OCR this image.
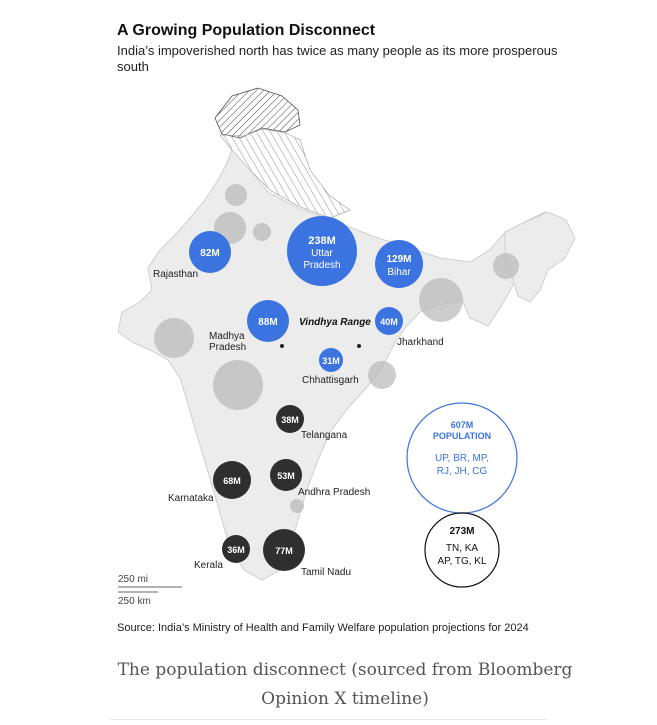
A Growing Population Disconnect
India’s impoverished north has twice as many people as its more prosperous south
238M
Uttar
Pradesh
129M
Bihar
82M
Rajasthan
88M
Madhya
Pradesh
40M
Jharkhand
31M
Chhattisgarh
Vindhya Range
38M
Telangana
53M
Andhra Pradesh
68M
Karnataka
36M
Kerala
77M
Tamil Nadu
607M
POPULATION
UP, BR, MP,
RJ, JH, CG
273M
TN, KA
AP, TG, KL
250 mi
250 km
Source: India’s Ministry of Health and Family Welfare population projections for 2024
The population disconnect (sourced from Bloomberg Opinion X timeline)
